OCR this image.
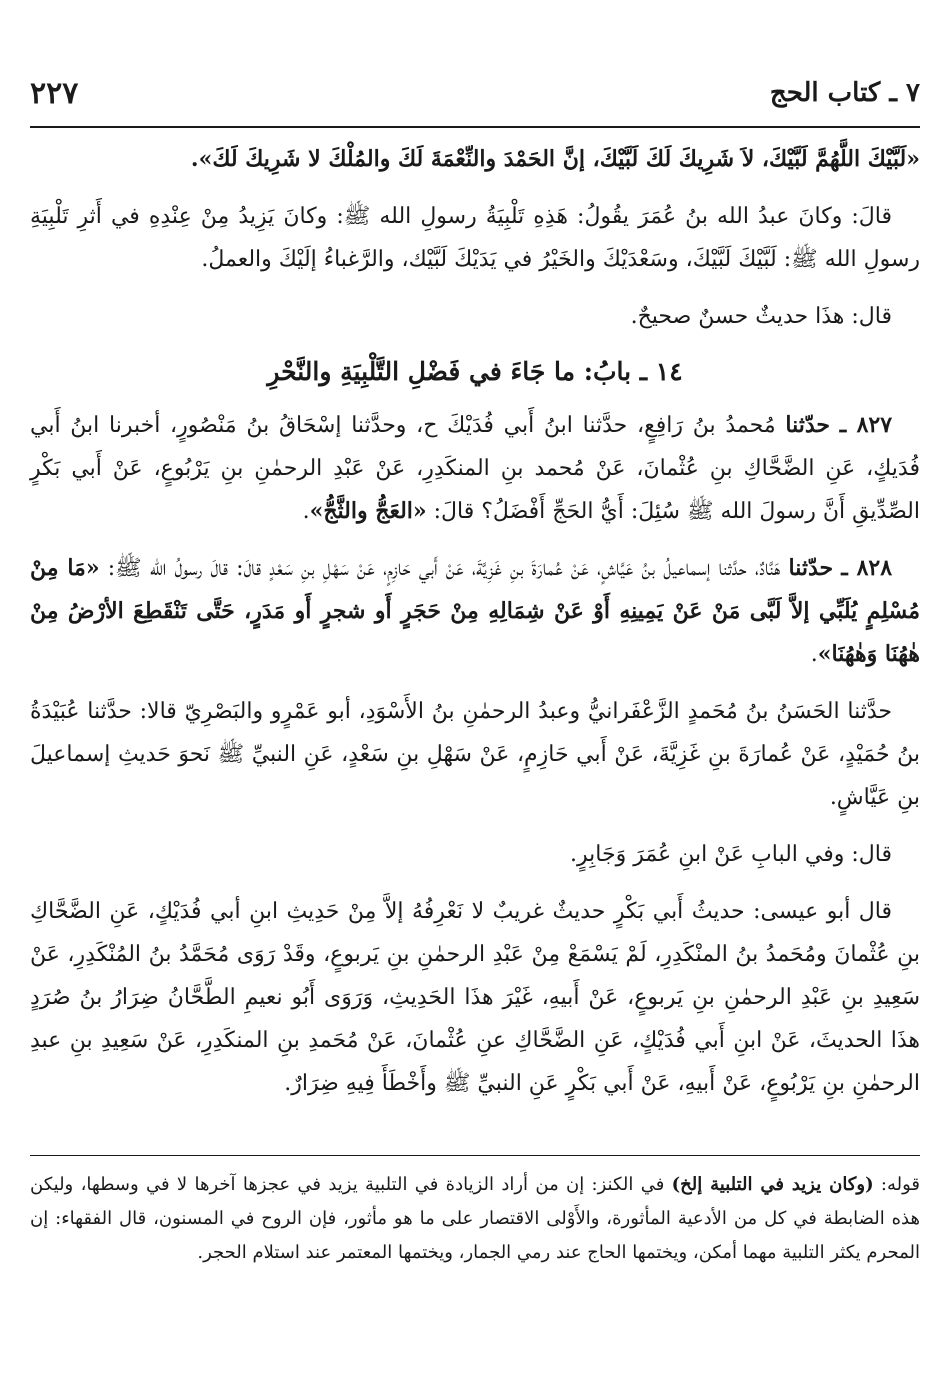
٢٢٧	٧ ـ كتاب الحج

«لَبَّيْكَ اللَّهُمَّ لَبَّيْكَ، لاَ شَرِيكَ لَكَ لَبَّيْكَ، إنَّ الحَمْدَ والنِّعْمَةَ لَكَ والمُلْكَ لا شَرِيكَ لَكَ».

قالَ: وكانَ عبدُ الله بنُ عُمَرَ يقُولُ: هَذِهِ تَلْبِيَةُ رسولِ الله ﷺ: وكانَ يَزِيدُ مِنْ عِنْدِهِ في أَثرِ تَلْبِيَةِ رسولِ الله ﷺ: لَبَّيْكَ لَبَّيْكَ، وسَعْدَيْكَ والخَيْرُ في يَدَيْكَ لَبَّيْك، والرَّغباءُ إلَيْكَ والعملُ.

قال: هذَا حديثٌ حسنٌ صحيحٌ.

١٤ ـ بابُ: ما جَاءَ في فَضْلِ التَّلْبِيَةِ والنَّحْرِ

٨٢٧ ـ حدّثنا مُحمدُ بنُ رَافِعٍ، حدَّثنا ابنُ أَبي فُدَيْكَ ح، وحدَّثنا إسْحَاقُ بنُ مَنْصُورٍ، أخبرنا ابنُ أَبي فُدَيكٍ، عَنِ الضَّحَّاكِ بنِ عُثْمانَ، عَنْ مُحمد بنِ المنكَدِرِ، عَنْ عَبْدِ الرحمٰنِ بنِ يَرْبُوعٍ، عَنْ أَبي بَكْرٍ الصِّدِّيقِ أَنَّ رسولَ الله ﷺ سُئِلَ: أَيُّ الحَجِّ أَفْضَلُ؟ قالَ: «العَجُّ والثَّجُّ».

٨٢٨ ـ حدّثنا هَنَّادٌ، حدَّثنا إسماعيلُ بنُ عَيَّاشٍ، عَنْ عُمارَةَ بنِ غَزِيَّةَ، عَنْ أَبي حَازِمٍ، عَنْ سَهْلِ بنِ سَعْدٍ قالَ: قالَ رسولُ الله ﷺ: «مَا مِنْ مُسْلِمٍ يُلَبِّي إلاَّ لَبَّى مَنْ عَنْ يَمِينِهِ أَوْ عَنْ شِمَالِهِ مِنْ حَجَرٍ أَو شجرٍ أَو مَدَرٍ، حَتَّى تَنْقَطِعَ الأرْضُ مِنْ هٰهُنَا وَهٰهُنَا».

حدَّثنا الحَسَنُ بنُ مُحَمدٍ الزَّعْفَرانيُّ وعبدُ الرحمٰنِ بنُ الأَسْوَدِ، أبو عَمْرٍو والبَصْرِيّ قالا: حدَّثنا عُبَيْدَةُ بنُ حُمَيْدٍ، عَنْ عُمارَةَ بنِ غَزِيَّةَ، عَنْ أَبي حَازِمٍ، عَنْ سَهْلِ بنِ سَعْدٍ، عَنِ النبيِّ ﷺ نَحوَ حَديثِ إسماعيلَ بنِ عَيَّاشٍ.

قال: وفي البابِ عَنْ ابنِ عُمَرَ وَجَابِرٍ.

قال أبو عيسى: حديثُ أَبي بَكْرٍ حديثٌ غريبٌ لا نَعْرِفُهُ إلاَّ مِنْ حَدِيثِ ابنِ أبي فُدَيْكٍ، عَنِ الضَّحَّاكِ بنِ عُثْمانَ ومُحَمدُ بنُ المنْكَدِرِ، لَمْ يَسْمَعْ مِنْ عَبْدِ الرحمٰنِ بنِ يَربوعٍ، وقَدْ رَوَى مُحَمَّدُ بنُ المُنْكَدِرِ، عَنْ سَعِيدِ بنِ عَبْدِ الرحمٰنِ بنِ يَربوعٍ، عَنْ أَبيهِ، غَيْرَ هذَا الحَدِيثِ، وَرَوَى أَبُو نعيمِ الطَّحَّانُ ضِرَارُ بنُ صُرَدٍ هذَا الحديثَ، عَنْ ابنِ أَبي فُدَيْكٍ، عَنِ الضَّحَّاكِ عنِ عُثْمانَ، عَنْ مُحَمدِ بنِ المنكَدِرِ، عَنْ سَعِيدِ بنِ عبدِ الرحمٰنِ بنِ يَرْبُوعٍ، عَنْ أَبيهِ، عَنْ أَبي بَكْرٍ عَنِ النبيِّ ﷺ وأَخْطَأَ فِيهِ ضِرَارٌ.

قوله: (وكان يزيد في التلبية إلخ) في الكنز: إن من أراد الزيادة في التلبية يزيد في عجزها آخرها لا في وسطها، وليكن هذه الضابطة في كل من الأدعية المأثورة، والأَوْلى الاقتصار على ما هو مأثور، فإن الروح في المسنون، قال الفقهاء: إن المحرم يكثر التلبية مهما أمكن، ويختمها الحاج عند رمي الجمار، ويختمها المعتمر عند استلام الحجر.
